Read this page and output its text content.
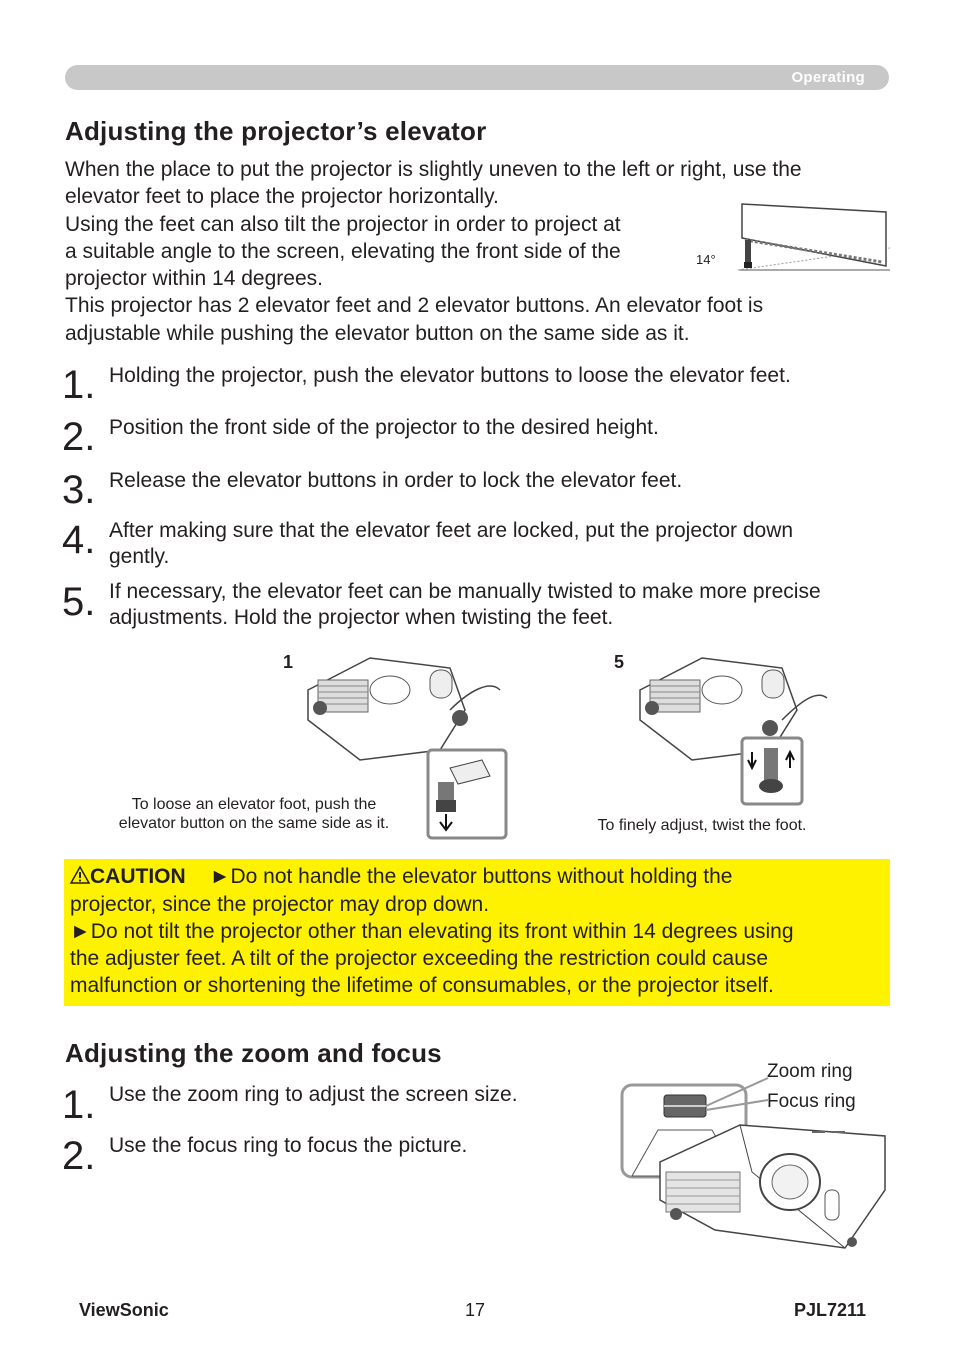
Operating
Adjusting the projector’s elevator

When the place to put the projector is slightly uneven to the left or right, use the

elevator feet to place the projector horizontally.

Using the feet can also tilt the projector in order to project at

a suitable angle to the screen, elevating the front side of the

projector within 14 degrees.

This projector has 2 elevator feet and 2 elevator buttons. An elevator foot is

adjustable while pushing the elevator button on the same side as it.

14°
1. Holding the projector, push the elevator buttons to loose the elevator feet.
2. Position the front side of the projector to the desired height.
3. Release the elevator buttons in order to lock the elevator feet.
4. After making sure that the elevator feet are locked, put the projector down
gently.
5. If necessary, the elevator feet can be manually twisted to make more precise
adjustments. Hold the projector when twisting the feet.
1
To loose an elevator foot, push the
elevator button on the same side as it.
5
To finely adjust, twist the foot.
CAUTION ►Do not handle the elevator buttons without holding the
projector, since the projector may drop down.
►Do not tilt the projector other than elevating its front within 14 degrees using
the adjuster feet. A tilt of the projector exceeding the restriction could cause
malfunction or shortening the lifetime of consumables, or the projector itself.
Adjusting the zoom and focus
1. Use the zoom ring to adjust the screen size.
2. Use the focus ring to focus the picture.
Zoom ring
Focus ring
ViewSonic	17	PJL7211
